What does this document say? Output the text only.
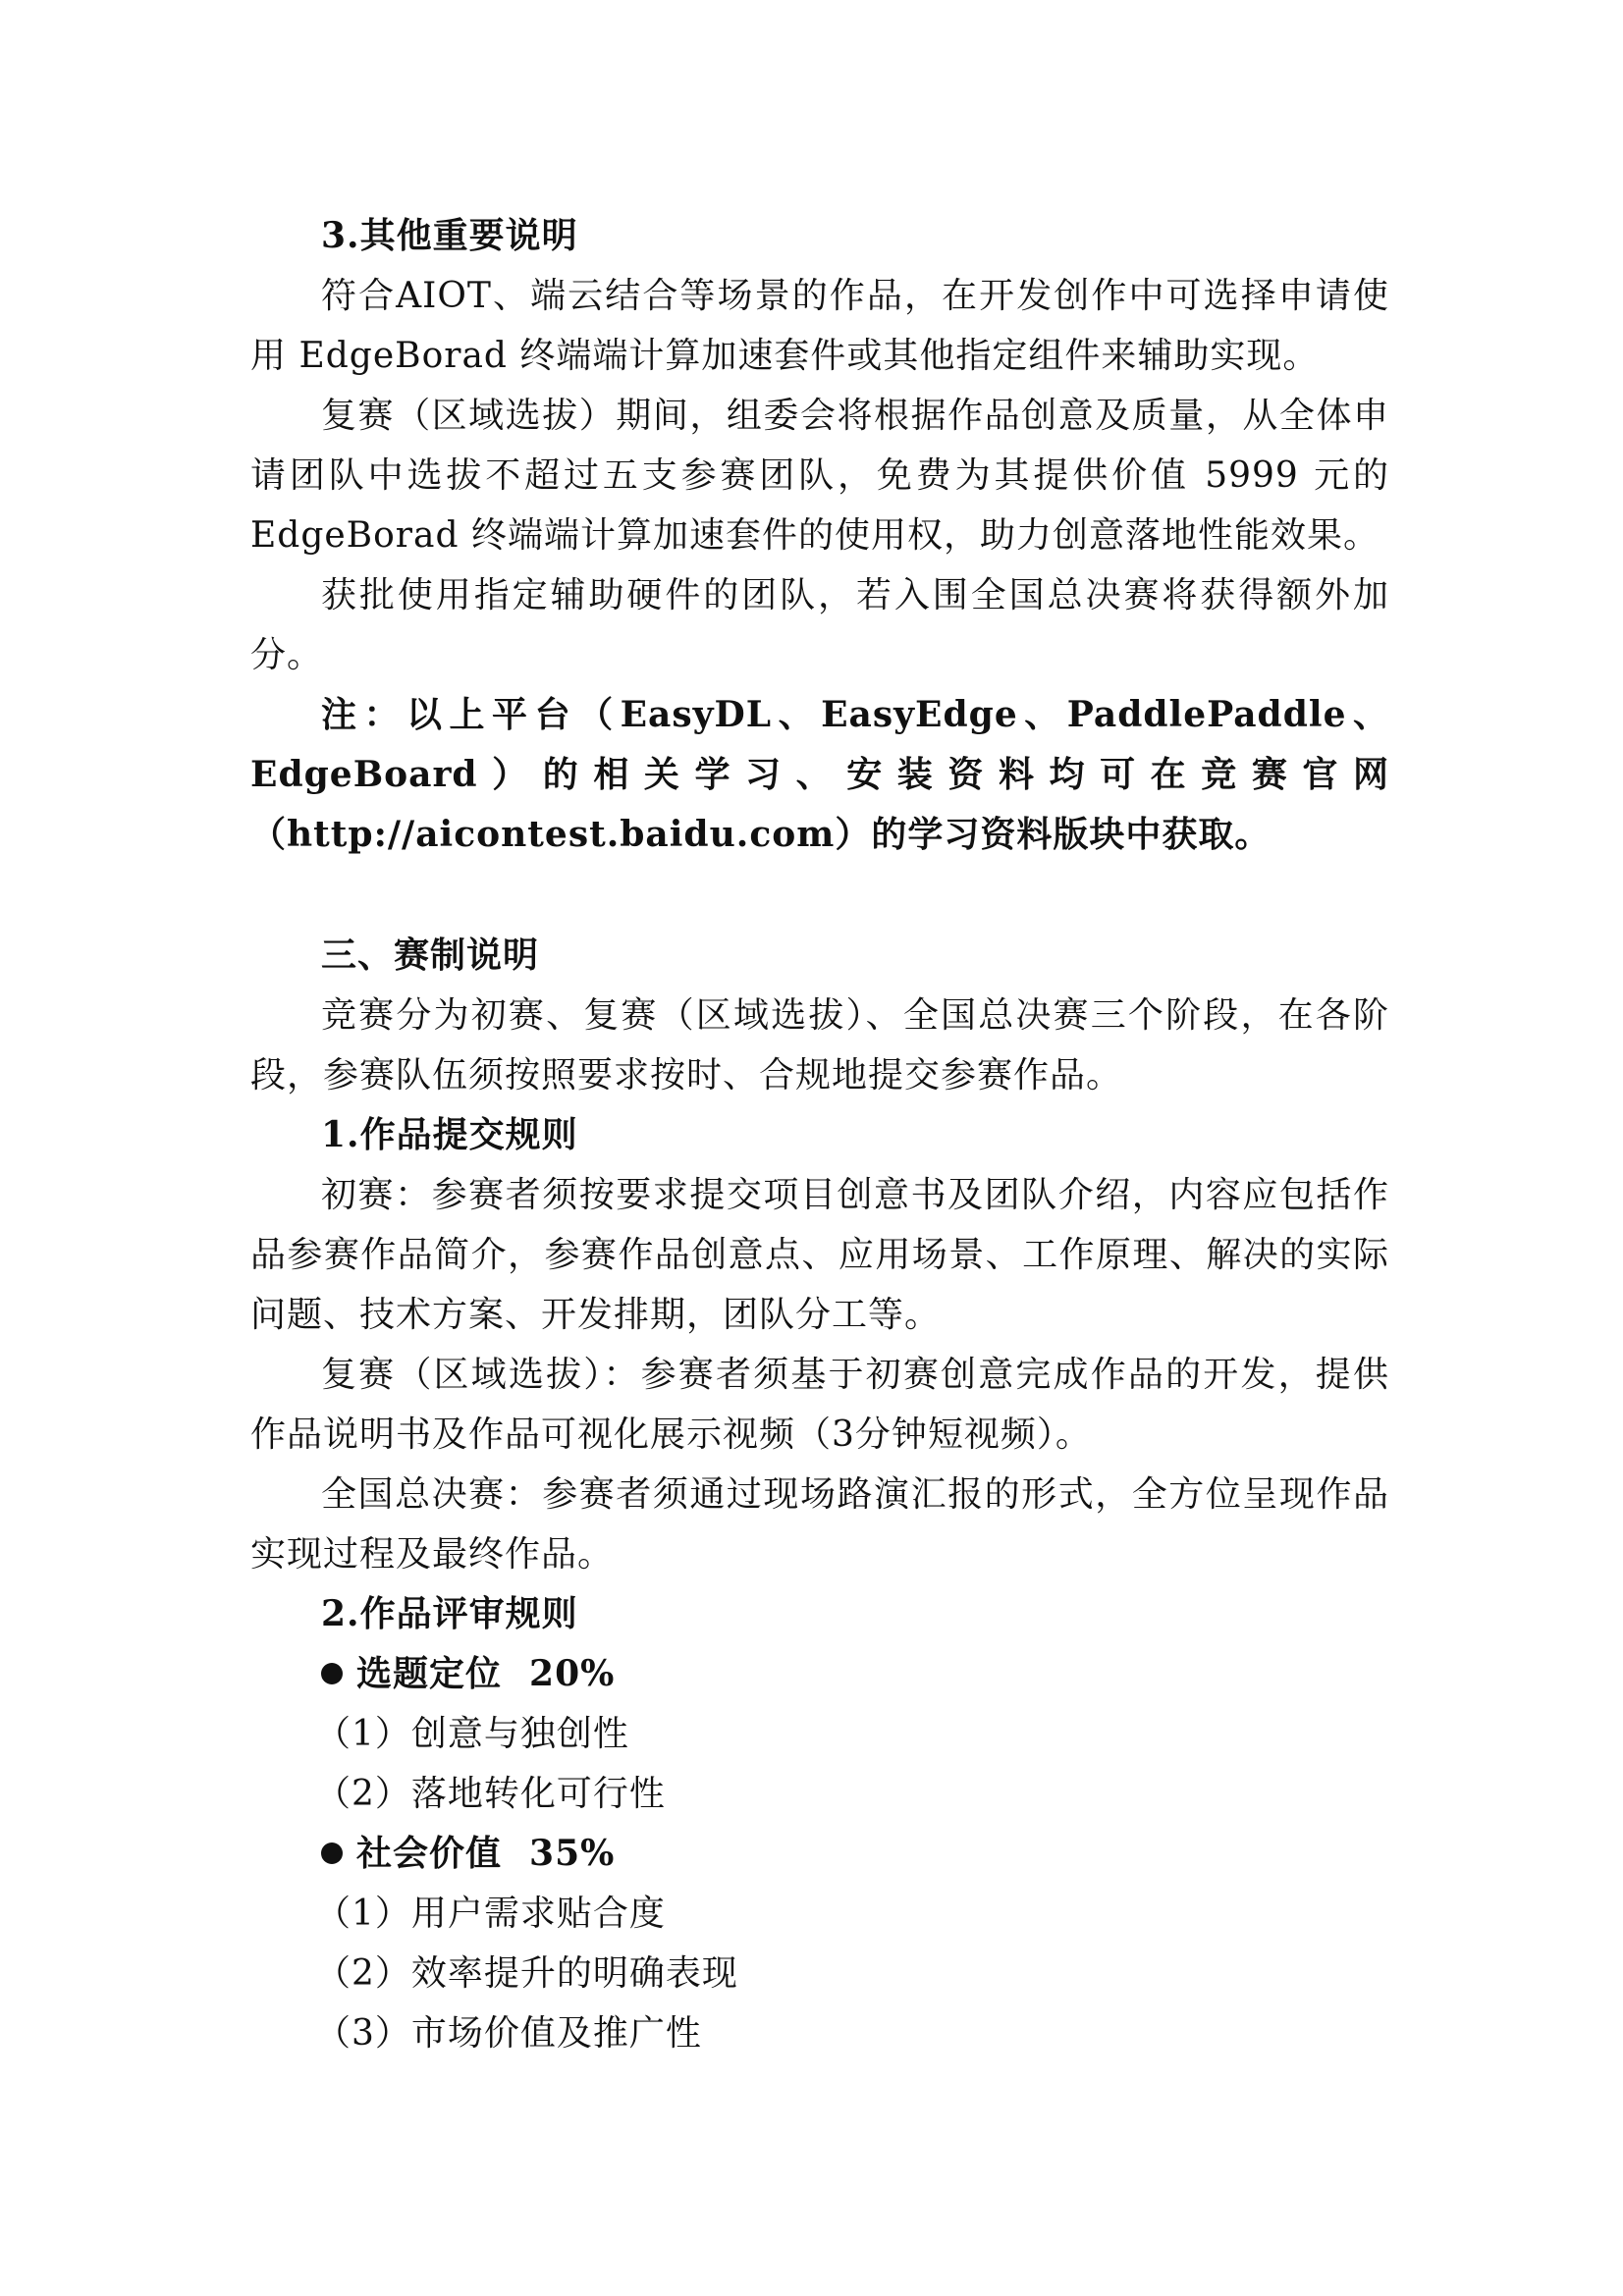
3.其他重要说明

符合AIOT、端云结合等场景的作品，在开发创作中可选择申请使用 EdgeBorad 终端端计算加速套件或其他指定组件来辅助实现。

复赛（区域选拔）期间，组委会将根据作品创意及质量，从全体申请团队中选拔不超过五支参赛团队，免费为其提供价值 5999 元的 EdgeBorad 终端端计算加速套件的使用权，助力创意落地性能效果。

获批使用指定辅助硬件的团队，若入围全国总决赛将获得额外加分。

注：以上平台（EasyDL、EasyEdge、PaddlePaddle、EdgeBoard）的相关学习、安装资料均可在竞赛官网（http://aicontest.baidu.com）的学习资料版块中获取。

三、赛制说明

竞赛分为初赛、复赛（区域选拔）、全国总决赛三个阶段，在各阶段，参赛队伍须按照要求按时、合规地提交参赛作品。

1.作品提交规则

初赛：参赛者须按要求提交项目创意书及团队介绍，内容应包括作品参赛作品简介，参赛作品创意点、应用场景、工作原理、解决的实际问题、技术方案、开发排期，团队分工等。

复赛（区域选拔）：参赛者须基于初赛创意完成作品的开发，提供作品说明书及作品可视化展示视频（3分钟短视频）。

全国总决赛：参赛者须通过现场路演汇报的形式，全方位呈现作品实现过程及最终作品。

2.作品评审规则

选题定位 20%

（1）创意与独创性

（2）落地转化可行性

社会价值 35%

（1）用户需求贴合度

（2）效率提升的明确表现

（3）市场价值及推广性
